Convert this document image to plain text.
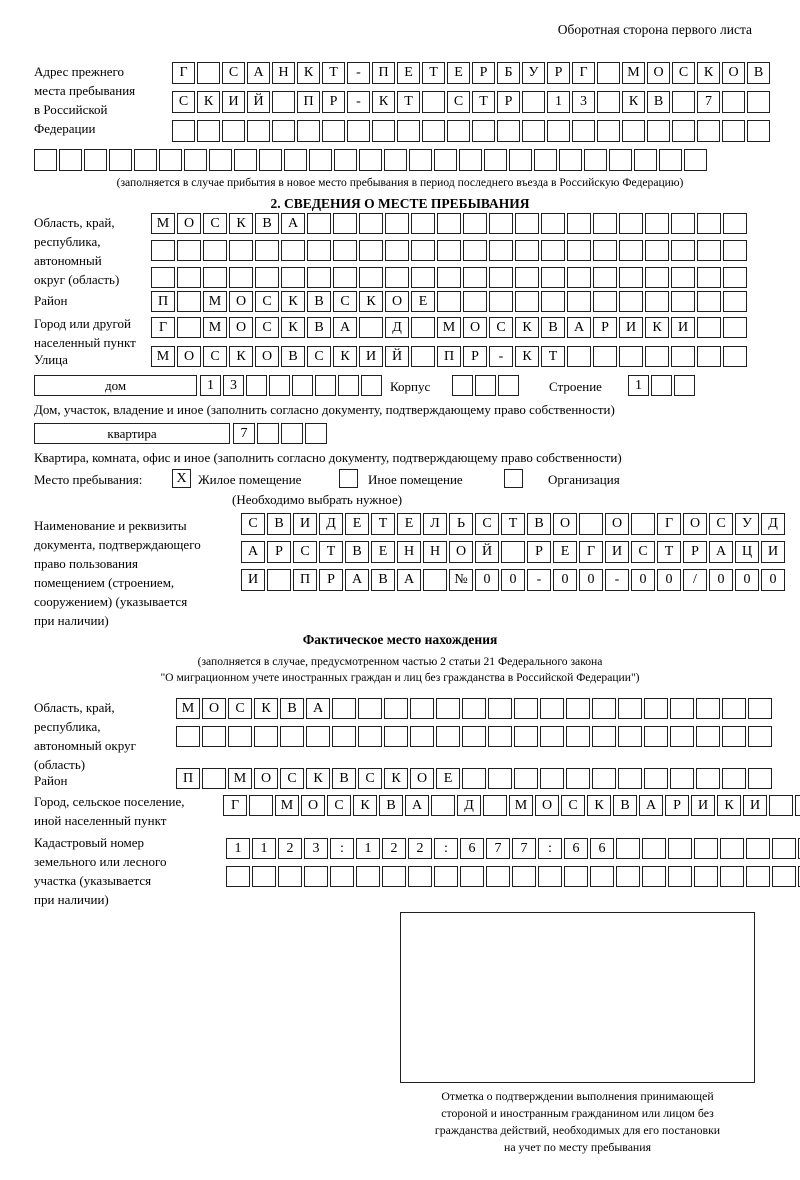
Оборотная сторона первого листа
Адрес прежнего
места пребывания
в Российской
Федерации
Г	С	А	Н	К	Т	-	П	Е	Т	Е	Р	Б	У	Р	Г	М О	С	К	О	В
С	К	И	Й	П	Р	-	К	Т	С	Т	Р	1	3	К	В	7
(заполняется в случае прибытия в новое место пребывания в период последнего въезда в Российскую Федерацию)
2. СВЕДЕНИЯ О МЕСТЕ ПРЕБЫВАНИЯ
Область, край,
республика,
автономный
округ (область)
М	О	С	К	В	А
Район	П	М	О	С	К	В	С	К	О	Е
Город или другой
населенный пункт
Г	М	О	С	К	В	А	Д	М	О	С	К	В	А	Р	И	К	И
Улица	М	О	С	К	О	В	С	К	И	Й	П	Р	-	К	Т
дом	1	3	Корпус	Строение	1
Дом, участок, владение и иное (заполнить согласно документу, подтверждающему право собственности)
квартира	7
Квартира, комната, офис и иное (заполнить согласно документу, подтверждающему право собственности)
Место пребывания:	X Жилое помещение	Иное помещение	Организация
(Необходимо выбрать нужное)
Наименование и реквизиты
документа, подтверждающего
право пользования
помещением (строением,
сооружением) (указывается
при наличии)
С	В	И	Д	Е	Т	Е	Л	Ь	С	Т	В	О	О	Г	О	С	У	Д
А	Р	С	Т	В	Е	Н	Н	О	Й	Р	Е	Г	И	С	Т	Р	А	Ц	И
И	П	Р	А	В	А	№	0	0	-	0	0	-	0	0	/	0	0	0
Фактическое место нахождения
(заполняется в случае, предусмотренном частью 2 статьи 21 Федерального закона
"О миграционном учете иностранных граждан и лиц без гражданства в Российской Федерации")
Область, край,
республика,
автономный округ
(область)
М	О	С	К	В	А
Район	П	М	О	С	К	В	С	К	О	Е
Город, сельское поселение,
иной населенный пункт
Г	М	О	С	К	В	А	Д	М	О	С	К	В	А	Р	И	К	И
Кадастровый номер
земельного или лесного
участка (указывается
при наличии)
1	1	2	3	:	1	2	2	:	6	7	7	:	6	6
Отметка о подтверждении выполнения принимающей
стороной и иностранным гражданином или лицом без
гражданства действий, необходимых для его постановки
на учет по месту пребывания
